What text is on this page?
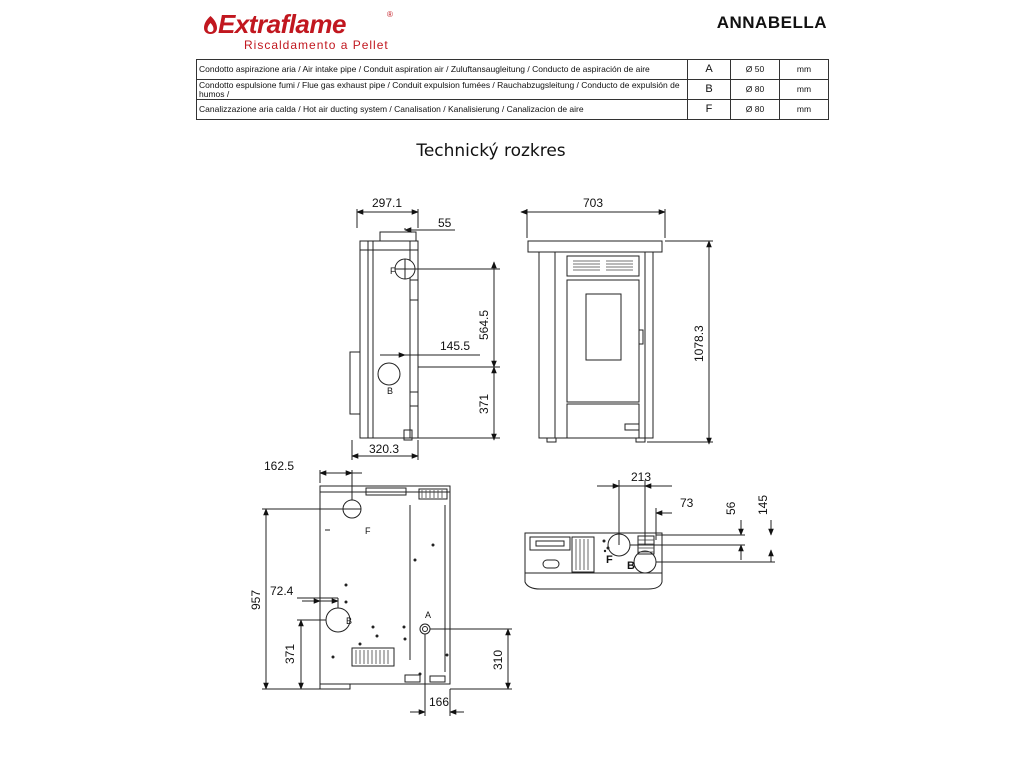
Extraflame	®
Riscaldamento a Pellet
ANNABELLA
Condotto aspirazione aria / Air intake pipe / Conduit aspiration air / Zuluftansaugleitung / Conducto de aspiración de aire	A	Ø 50	mm
Condotto espulsione fumi / Flue gas exhaust pipe / Conduit expulsion fumées / Rauchabzugsleitung / Conducto de expulsión de humos /	B	Ø 80	mm
Canalizzazione aria calda / Hot air ducting system / Canalisation / Kanalisierung / Canalizacion de aire	F	Ø 80	mm
Technický rozkres
297.1
55
F
B
145.5
564.5
371
320.3
703
1078.3
162.5
F
957 72.4
B
A
371	310
166
213
73
F B
56 145
